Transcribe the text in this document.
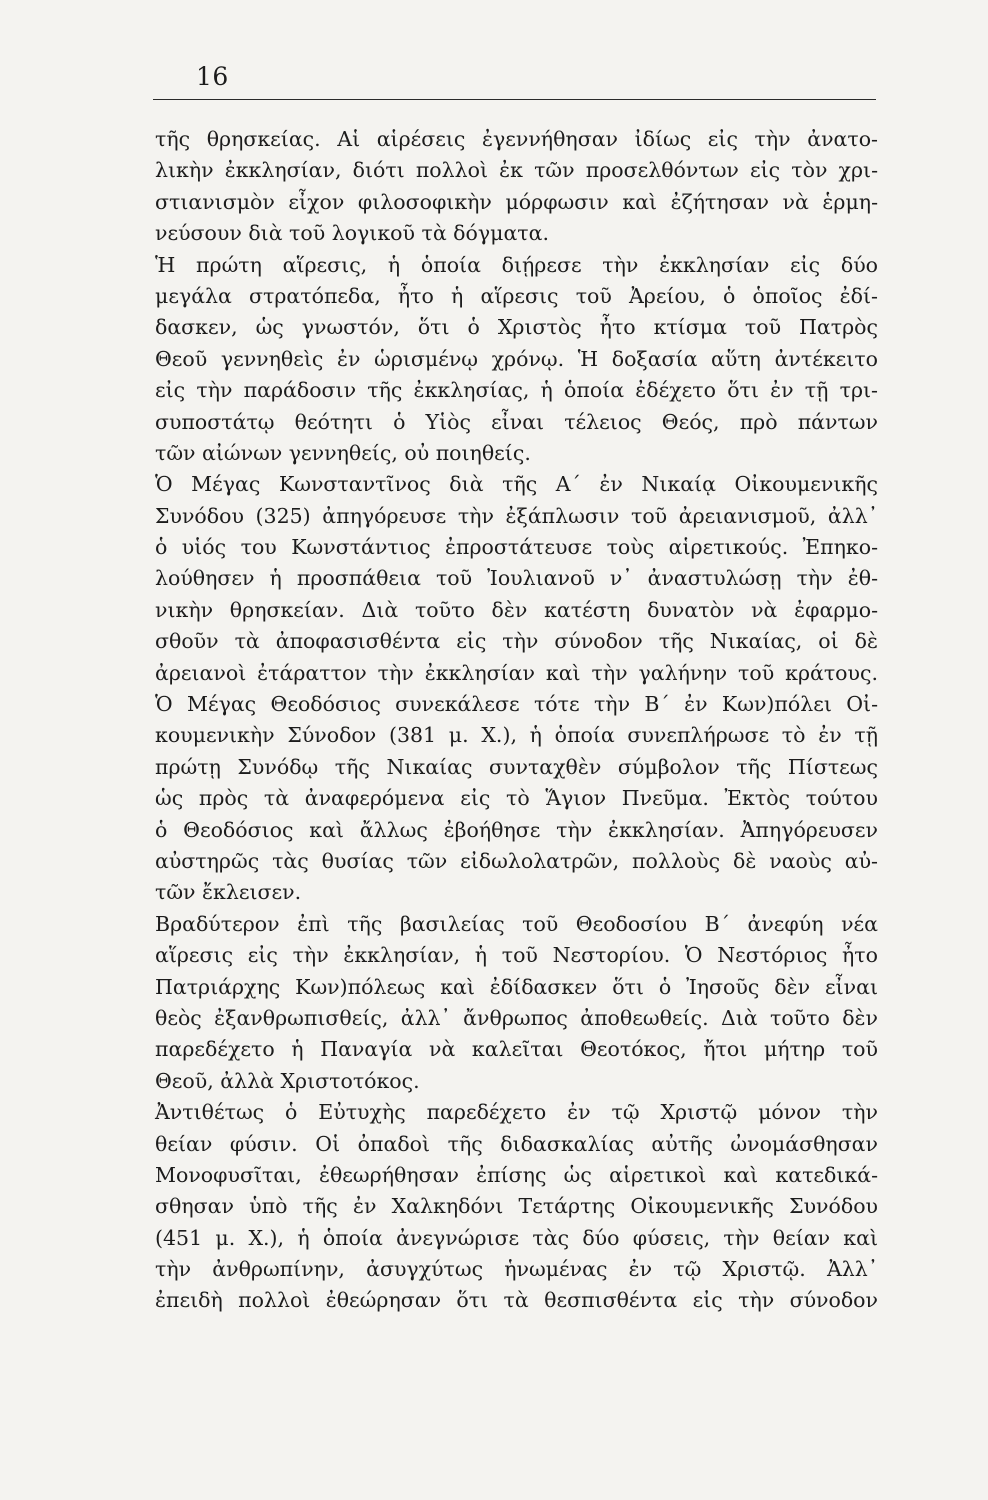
16
τῆς θρησκείας. Αἱ αἱρέσεις ἐγεννήθησαν ἰδίως εἰς τὴν ἀνατο-
λικὴν ἐκκλησίαν, διότι πολλοὶ ἐκ τῶν προσελθόντων εἰς τὸν χρι-
στιανισμὸν εἶχον φιλοσοφικὴν μόρφωσιν καὶ ἐζήτησαν νὰ ἑρμη-
νεύσουν διὰ τοῦ λογικοῦ τὰ δόγματα.
Ἡ πρώτη αἵρεσις, ἡ ὁποία διῄρεσε τὴν ἐκκλησίαν εἰς δύο
μεγάλα στρατόπεδα, ἦτο ἡ αἵρεσις τοῦ Ἀρείου, ὁ ὁποῖος ἐδί-
δασκεν, ὡς γνωστόν, ὅτι ὁ Χριστὸς ἦτο κτίσμα τοῦ Πατρὸς
Θεοῦ γεννηθεὶς ἐν ὡρισμένῳ χρόνῳ. Ἡ δοξασία αὕτη ἀντέκειτο
εἰς τὴν παράδοσιν τῆς ἐκκλησίας, ἡ ὁποία ἐδέχετο ὅτι ἐν τῇ τρι-
συποστάτῳ θεότητι ὁ Υἱὸς εἶναι τέλειος Θεός, πρὸ πάντων
τῶν αἰώνων γεννηθείς, οὐ ποιηθείς.
Ὁ Μέγας Κωνσταντῖνος διὰ τῆς Α΄ ἐν Νικαίᾳ Οἰκουμενικῆς
Συνόδου (325) ἀπηγόρευσε τὴν ἐξάπλωσιν τοῦ ἀρειανισμοῦ, ἀλλ᾽
ὁ υἱός του Κωνστάντιος ἐπροστάτευσε τοὺς αἱρετικούς. Ἐπηκο-
λούθησεν ἡ προσπάθεια τοῦ Ἰουλιανοῦ ν᾽ ἀναστυλώσῃ τὴν ἐθ-
νικὴν θρησκείαν. Διὰ τοῦτο δὲν κατέστη δυνατὸν νὰ ἐφαρμο-
σθοῦν τὰ ἀποφασισθέντα εἰς τὴν σύνοδον τῆς Νικαίας, οἱ δὲ
ἀρειανοὶ ἐτάραττον τὴν ἐκκλησίαν καὶ τὴν γαλήνην τοῦ κράτους.
Ὁ Μέγας Θεοδόσιος συνεκάλεσε τότε τὴν Β΄ ἐν Κων)πόλει Οἰ-
κουμενικὴν Σύνοδον (381 μ. Χ.), ἡ ὁποία συνεπλήρωσε τὸ ἐν τῇ
πρώτῃ Συνόδῳ τῆς Νικαίας συνταχθὲν σύμβολον τῆς Πίστεως
ὡς πρὸς τὰ ἀναφερόμενα εἰς τὸ Ἅγιον Πνεῦμα. Ἐκτὸς τούτου
ὁ Θεοδόσιος καὶ ἄλλως ἐβοήθησε τὴν ἐκκλησίαν. Ἀπηγόρευσεν
αὐστηρῶς τὰς θυσίας τῶν εἰδωλολατρῶν, πολλοὺς δὲ ναοὺς αὐ-
τῶν ἔκλεισεν.
Βραδύτερον ἐπὶ τῆς βασιλείας τοῦ Θεοδοσίου Β΄ ἀνεφύη νέα
αἵρεσις εἰς τὴν ἐκκλησίαν, ἡ τοῦ Νεστορίου. Ὁ Νεστόριος ἦτο
Πατριάρχης Κων)πόλεως καὶ ἐδίδασκεν ὅτι ὁ Ἰησοῦς δὲν εἶναι
θεὸς ἐξανθρωπισθείς, ἀλλ᾽ ἄνθρωπος ἀποθεωθείς. Διὰ τοῦτο δὲν
παρεδέχετο ἡ Παναγία νὰ καλεῖται Θεοτόκος, ἤτοι μήτηρ τοῦ
Θεοῦ, ἀλλὰ Χριστοτόκος.
Ἀντιθέτως ὁ Εὐτυχὴς παρεδέχετο ἐν τῷ Χριστῷ μόνον τὴν
θείαν φύσιν. Οἱ ὀπαδοὶ τῆς διδασκαλίας αὐτῆς ὠνομάσθησαν
Μονοφυσῖται, ἐθεωρήθησαν ἐπίσης ὡς αἱρετικοὶ καὶ κατεδικά-
σθησαν ὑπὸ τῆς ἐν Χαλκηδόνι Τετάρτης Οἰκουμενικῆς Συνόδου
(451 μ. Χ.), ἡ ὁποία ἀνεγνώρισε τὰς δύο φύσεις, τὴν θείαν καὶ
τὴν ἀνθρωπίνην, ἀσυγχύτως ἡνωμένας ἐν τῷ Χριστῷ. Ἀλλ᾽
ἐπειδὴ πολλοὶ ἐθεώρησαν ὅτι τὰ θεσπισθέντα εἰς τὴν σύνοδον
